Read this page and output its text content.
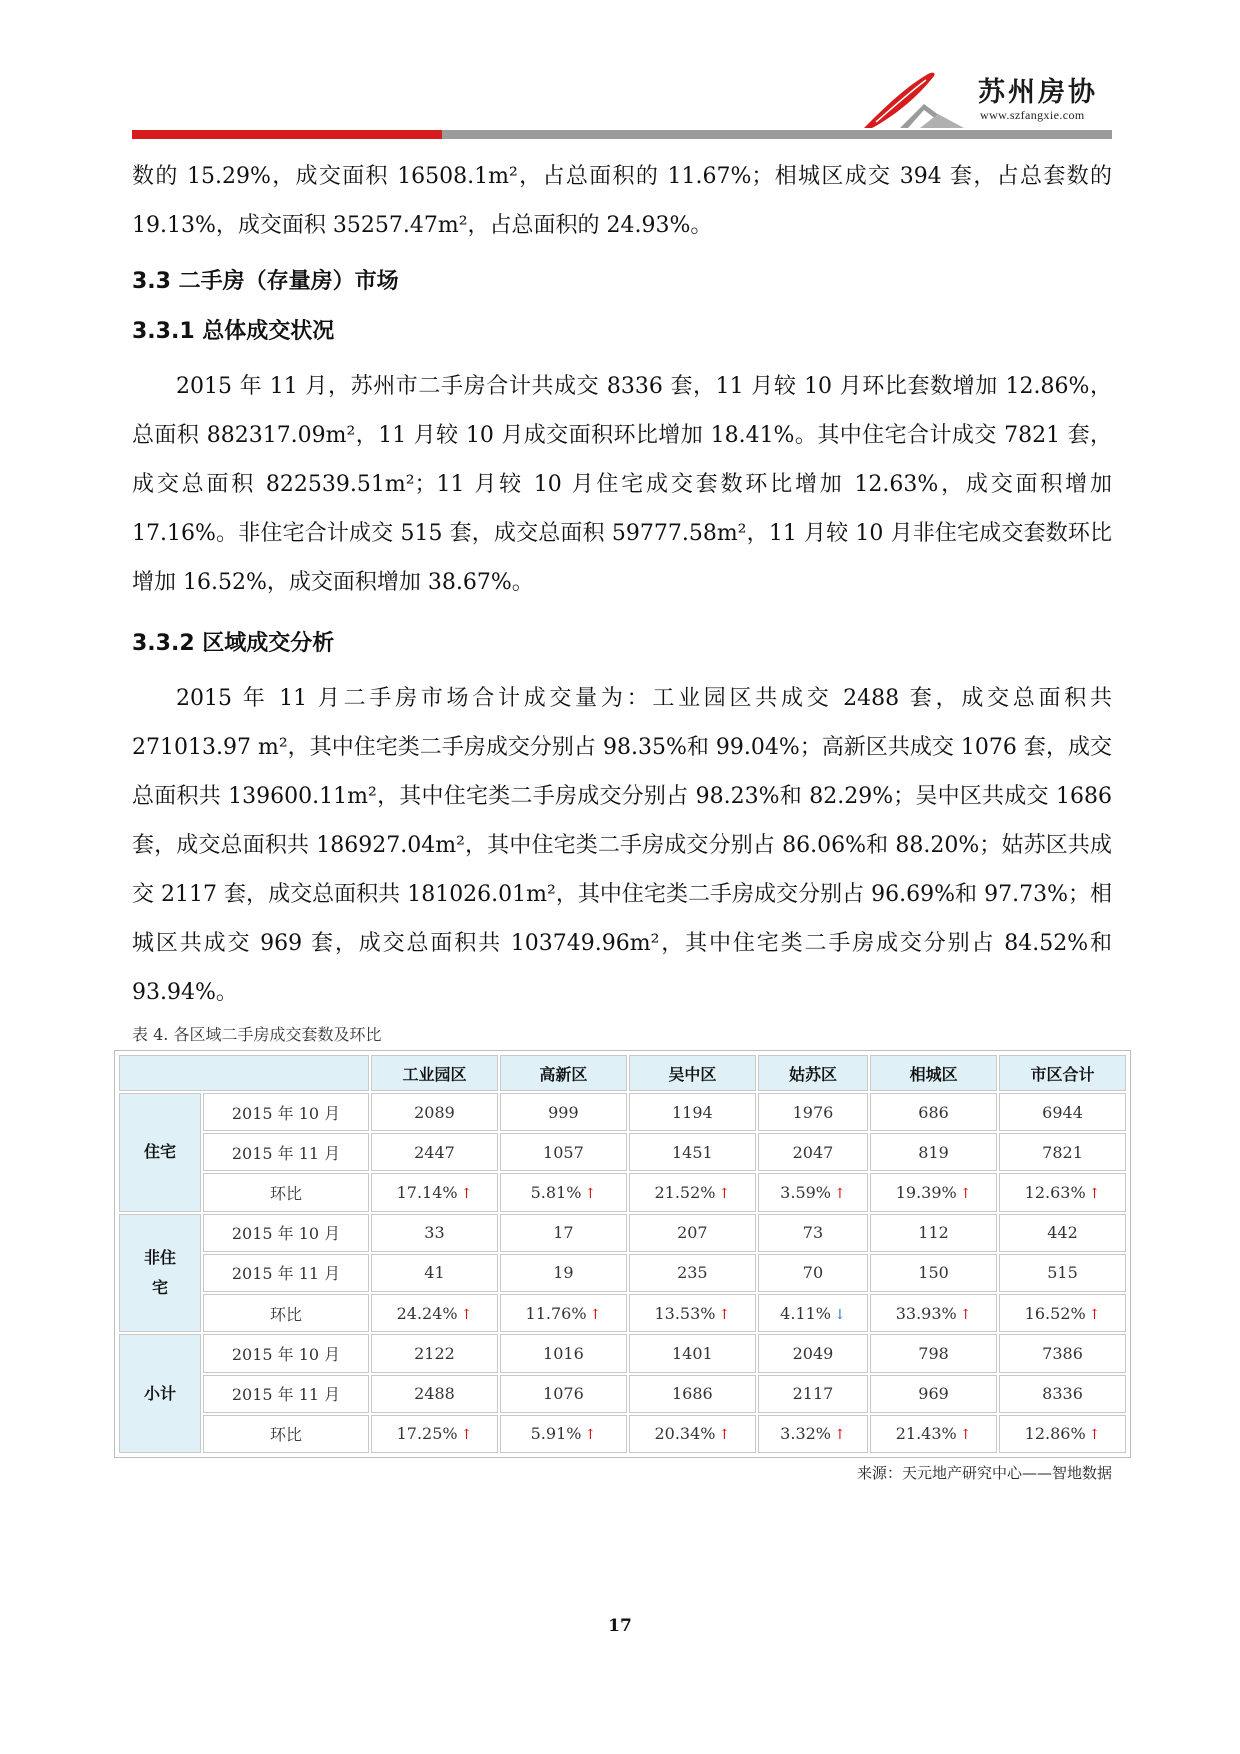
苏州房协
www.szfangxie.com

数的 15.29%，成交面积 16508.1m²，占总面积的 11.67%；相城区成交 394 套，占总套数的 19.13%，成交面积 35257.47m²，占总面积的 24.93%。

3.3 二手房（存量房）市场
3.3.1 总体成交状况

2015 年 11 月，苏州市二手房合计共成交 8336 套，11 月较 10 月环比套数增加 12.86%，总面积 882317.09m²，11 月较 10 月成交面积环比增加 18.41%。其中住宅合计成交 7821 套，成交总面积 822539.51m²；11 月较 10 月住宅成交套数环比增加 12.63%，成交面积增加 17.16%。非住宅合计成交 515 套，成交总面积 59777.58m²，11 月较 10 月非住宅成交套数环比增加 16.52%，成交面积增加 38.67%。

3.3.2 区域成交分析

2015 年 11 月二手房市场合计成交量为：工业园区共成交 2488 套，成交总面积共 271013.97 m²，其中住宅类二手房成交分别占 98.35%和 99.04%；高新区共成交 1076 套，成交总面积共 139600.11m²，其中住宅类二手房成交分别占 98.23%和 82.29%；吴中区共成交 1686 套，成交总面积共 186927.04m²，其中住宅类二手房成交分别占 86.06%和 88.20%；姑苏区共成交 2117 套，成交总面积共 181026.01m²，其中住宅类二手房成交分别占 96.69%和 97.73%；相城区共成交 969 套，成交总面积共 103749.96m²，其中住宅类二手房成交分别占 84.52%和 93.94%。

表 4. 各区域二手房成交套数及环比
		工业园区	高新区	吴中区	姑苏区	相城区	市区合计
住宅	2015 年 10 月	2089	999	1194	1976	686	6944
	2015 年 11 月	2447	1057	1451	2047	819	7821
	环比	17.14% ↑	5.81% ↑	21.52% ↑	3.59% ↑	19.39% ↑	12.63% ↑
非住宅	2015 年 10 月	33	17	207	73	112	442
	2015 年 11 月	41	19	235	70	150	515
	环比	24.24% ↑	11.76% ↑	13.53% ↑	4.11% ↓	33.93% ↑	16.52% ↑
小计	2015 年 10 月	2122	1016	1401	2049	798	7386
	2015 年 11 月	2488	1076	1686	2117	969	8336
	环比	17.25% ↑	5.91% ↑	20.34% ↑	3.32% ↑	21.43% ↑	12.86% ↑
来源：天元地产研究中心——智地数据
17
